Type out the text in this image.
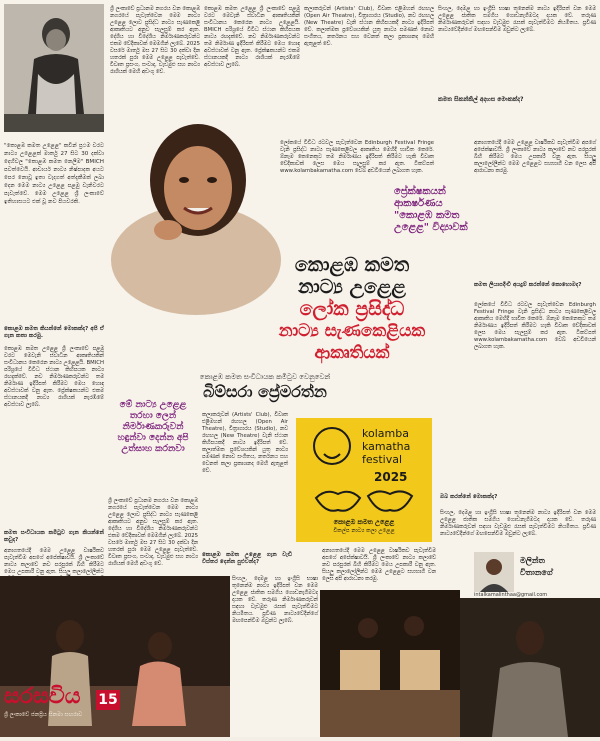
ශ්‍රී ලංකාවේ ප්‍රධානම නගරය වන කොළඹ නගරයේ පැවැත්වෙන මෙම නාට්‍ය උළෙළ ලොව ප්‍රසිද්ධ නාට්‍ය සැණකෙළි ආකෘතියට අනුව සැලසුම් කර ඇත. දේශීය හා විදේශීය නිර්මාණකරුවන්ට එකම වේදිකාවක් මෙමගින් ලැබේ. 2025 වසරේ මාර්තු මස 27 සිට 30 දක්වා දින හතරක් පුරා මෙම උළෙළ පැවැත්වේ. විවෘත ප්‍රසංග, සංවාද, වැඩමුළු සහ නාට්‍ය රාශියක් මෙහි අඩංගු වේ.
කොළඹ කමත උළෙළ ශ්‍රී ලංකාවේ පළමු වරට මෙවැනි ස්වාධීන ආකෘතියකින් සංවිධානය කෙරෙන නාට්‍ය උළෙළයි. BMICH පරිශ්‍රයේ විවිධ ස්ථාන කිහිපයක නාට්‍ය රඟදැක්වේ. නව නිර්මාණකරුවන්ට තම නිර්මාණ ඉදිරිපත් කිරීමට මෙය හොඳ අවස්ථාවක් වනු ඇත. ප්‍රේක්ෂකයන්ට එකම ස්ථානයකදී නාට්‍ය රාශියක් නැරඹීමේ අවස්ථාව ලැබේ.
කලාකරුවන් (Artists' Club), විවෘත එළිමහන් රඟහල (Open Air Theatre), චිත්‍රාගාරය (Studio), නව රඟහල (New Theatre) වැනි ස්ථාන කිහිපයකදී නාට්‍ය ඉදිරිපත් වේ. කලාත්මක ප්‍රවේශයකින් යුතු නාට්‍ය පමණක් නොව සංගීතය, නර්තනය සහ වෙනත් කලා ප්‍රකාශනද මෙහි ඇතුළත් වේ.
සිංහල, දෙමළ හා ඉංග්‍රීසි භාෂා තුනෙන්ම නාට්‍ය ඉදිරිපත් වන මෙම උළෙළ ජාතික සමගිය ගොඩනැගීමටද දායක වේ. තරුණ නිර්මාණකරුවන් සඳහා වැඩමුළු රැසක් පැවැත්වීමට නියමිතය. ප්‍රවීණ නාට්‍යවේදීන්ගේ මඟපෙන්වීම ඔවුන්ට ලැබේ.
කමත සිකන්කිල් අදහස මොකක්ද?
"කොළඹ කමත උළෙළ" කවීන් ප්‍රථම වරට නාට්‍ය උළෙළක් මාර්තු 27 සිට 30 දක්වා දෙහිවල "කොළඹ කමත නෙලීම" BMICH පවත්වෙයි. ආචාර්ය නාට්‍ය නිෂ්පාදක අයට පෙර නොවූ ඉතා වැදගත් අත්දැකීමක් ලබා දෙන මෙම නාට්‍ය උළෙළ පළමු වැනිවරට පැවැත්වේ. මෙම උළෙළ ශ්‍රී ලංකාවේ ඉතිහාසයට එක් වූ නව පියවරකි.
ලෝකයේ විවිධ රටවල පැවැත්වෙන Edinburgh Festival Fringe වැනි ප්‍රසිද්ධ නාට්‍ය සැණකෙළිවල ආකෘතිය මෙහිදී භාවිත කෙරේ. ඕනෑම කෙනෙකුට තම නිර්මාණය ඉදිරිපත් කිරීමට හැකි විවෘත වේදිකාවක් ලෙස මෙය සැලසුම් කර ඇත. ටිකට්පත් www.kolambakamatha.com වෙබ් අඩවියෙන් ලබාගත හැක.
ප්‍රේක්ෂකයන් ආකර්ෂණය "කොළඹ කමත උළෙළ" විද්‍යාවක්
අනාගතයේදී මෙම උළෙළ වාර්ෂිකව පැවැත්වීම අපගේ අපේක්ෂාවයි. ශ්‍රී ලංකාවේ නාට්‍ය කලාවේ නව පරපුරක් බිහි කිරීමට මෙය උපකාරී වනු ඇත. සියලු කලාලෝලීන්ට මෙම උළෙළට සහභාගී වන ලෙස අපි ආරාධනා කරමු.
කොළඹ කමත
නාට්‍ය උළෙළ
ලෝක ප්‍රසිද්ධ
නාට්‍ය සැණකෙළියක
ආකෘතියක්
කොළඹ කමත සංවිධායක කමිටුව වෙනුවෙන්
බිම්සරා ප්‍රේමරත්න
කොළඹ කමත කියන්නේ මොකක්ද? අපි ඒ ගැන කතා කරමු.
කොළඹ කමත උළෙළ ශ්‍රී ලංකාවේ පළමු වරට මෙවැනි ස්වාධීන ආකෘතියකින් සංවිධානය කෙරෙන නාට්‍ය උළෙළයි. BMICH පරිශ්‍රයේ විවිධ ස්ථාන කිහිපයක නාට්‍ය රඟදැක්වේ. නව නිර්මාණකරුවන්ට තම නිර්මාණ ඉදිරිපත් කිරීමට මෙය හොඳ අවස්ථාවක් වනු ඇත. ප්‍රේක්ෂකයන්ට එකම ස්ථානයකදී නාට්‍ය රාශියක් නැරඹීමේ අවස්ථාව ලැබේ.	මේ නාට්‍ය උළෙළ තරහා ලෙන් නිර්මාණකරුවන් හඳුන්වා දෙන්න අපි උත්සාහ කරනවා
කලාකරුවන් (Artists' Club), විවෘත එළිමහන් රඟහල (Open Air Theatre), චිත්‍රාගාරය (Studio), නව රඟහල (New Theatre) වැනි ස්ථාන කිහිපයකදී නාට්‍ය ඉදිරිපත් වේ. කලාත්මක ප්‍රවේශයකින් යුතු නාට්‍ය පමණක් නොව සංගීතය, නර්තනය සහ වෙනත් කලා ප්‍රකාශනද මෙහි ඇතුළත් වේ.
kolamba
kamatha
festival
2025
කොළඹ කමත උළෙළ
විකල්ප නාට්‍ය කලා උළෙළ
කමත ලියාපදිංචි අයදුම් කරන්නේ කොහොමද?
ලෝකයේ විවිධ රටවල පැවැත්වෙන Edinburgh Festival Fringe වැනි ප්‍රසිද්ධ නාට්‍ය සැණකෙළිවල ආකෘතිය මෙහිදී භාවිත කෙරේ. ඕනෑම කෙනෙකුට තම නිර්මාණය ඉදිරිපත් කිරීමට හැකි විවෘත වේදිකාවක් ලෙස මෙය සැලසුම් කර ඇත. ටිකට්පත් www.kolambakamatha.com වෙබ් අඩවියෙන් ලබාගත හැක.
ඔබ කරන්නේ මොකක්ද?
සිංහල, දෙමළ හා ඉංග්‍රීසි භාෂා තුනෙන්ම නාට්‍ය ඉදිරිපත් වන මෙම උළෙළ ජාතික සමගිය ගොඩනැගීමටද දායක වේ. තරුණ නිර්මාණකරුවන් සඳහා වැඩමුළු රැසක් පැවැත්වීමට නියමිතය. ප්‍රවීණ නාට්‍යවේදීන්ගේ මඟපෙන්වීම ඔවුන්ට ලැබේ.
කමත සංවිධායක කමිටුව ගැන කියන්නේ කවුද?
අනාගතයේදී මෙම උළෙළ වාර්ෂිකව පැවැත්වීම අපගේ අපේක්ෂාවයි. ශ්‍රී ලංකාවේ නාට්‍ය කලාවේ නව පරපුරක් බිහි කිරීමට මෙය උපකාරී වනු ඇත. සියලු කලාලෝලීන්ට
ශ්‍රී ලංකාවේ ප්‍රධානම නගරය වන කොළඹ නගරයේ පැවැත්වෙන මෙම නාට්‍ය උළෙළ ලොව ප්‍රසිද්ධ නාට්‍ය සැණකෙළි ආකෘතියට අනුව සැලසුම් කර ඇත. දේශීය හා විදේශීය නිර්මාණකරුවන්ට එකම වේදිකාවක් මෙමගින් ලැබේ. 2025 වසරේ මාර්තු මස 27 සිට 30 දක්වා දින හතරක් පුරා මෙම උළෙළ පැවැත්වේ. විවෘත ප්‍රසංග, සංවාද, වැඩමුළු සහ නාට්‍ය රාශියක් මෙහි අඩංගු වේ.
කොළඹ කමත උළෙළ ගැන වැඩි විස්තර දෙන්න පුළුවන්ද?	මලින්ත
විතානගේ
intalkamalinthaa@gmail.com
සිංහල, දෙමළ හා ඉංග්‍රීසි භාෂා තුනෙන්ම නාට්‍ය ඉදිරිපත් වන මෙම උළෙළ ජාතික සමගිය ගොඩනැගීමටද දායක වේ. තරුණ නිර්මාණකරුවන් සඳහා වැඩමුළු රැසක් පැවැත්වීමට නියමිතය. ප්‍රවීණ නාට්‍යවේදීන්ගේ මඟපෙන්වීම ඔවුන්ට ලැබේ.
අනාගතයේදී මෙම උළෙළ වාර්ෂිකව පැවැත්වීම අපගේ අපේක්ෂාවයි. ශ්‍රී ලංකාවේ නාට්‍ය කලාවේ නව පරපුරක් බිහි කිරීමට මෙය උපකාරී වනු ඇත. සියලු කලාලෝලීන්ට මෙම උළෙළට සහභාගී වන ලෙස අපි ආරාධනා කරමු.
සරසවිය 15
ශ්‍රී ලංකාවේ ජනප්‍රිය සිනමා සඟරාව
